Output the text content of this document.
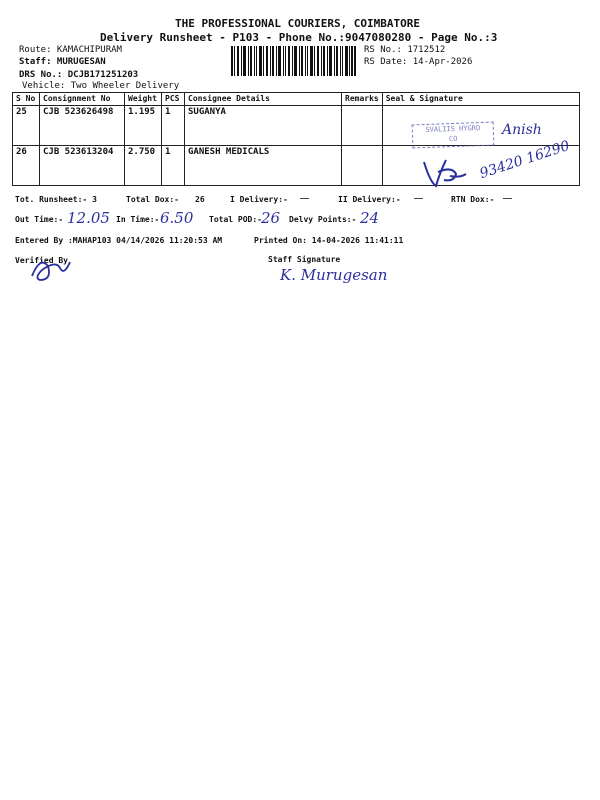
THE PROFESSIONAL COURIERS, COIMBATORE
Delivery Runsheet - P103 - Phone No.:9047080280 - Page No.:3
Route: KAMACHIPURAM
Staff: MURUGESAN
DRS No.: DCJB171251203
Vehicle: Two Wheeler Delivery
RS No.: 1712512
RS Date: 14-Apr-2026
S No	Consignment No	Weight	PCS	Consignee Details	Remarks	Seal & Signature
25	CJB 523626498	1.195	1	SUGANYA		
26	CJB 523613204	2.750	1	GANESH MEDICALS		
SVALIIS HYGRO
CO
Anish
93420 16290
Tot. Runsheet:- 3	Total Dox:- 26	I Delivery:-	II Delivery:-	RTN Dox:-
Out Time:- 12.05 In Time:- 6.50 Total POD:- 26 Delvy Points:- 24
Entered By :MAHAP103 04/14/2026 11:20:53 AM	Printed On: 14-04-2026 11:41:11
Verified By	Staff Signature
K. Murugesan
